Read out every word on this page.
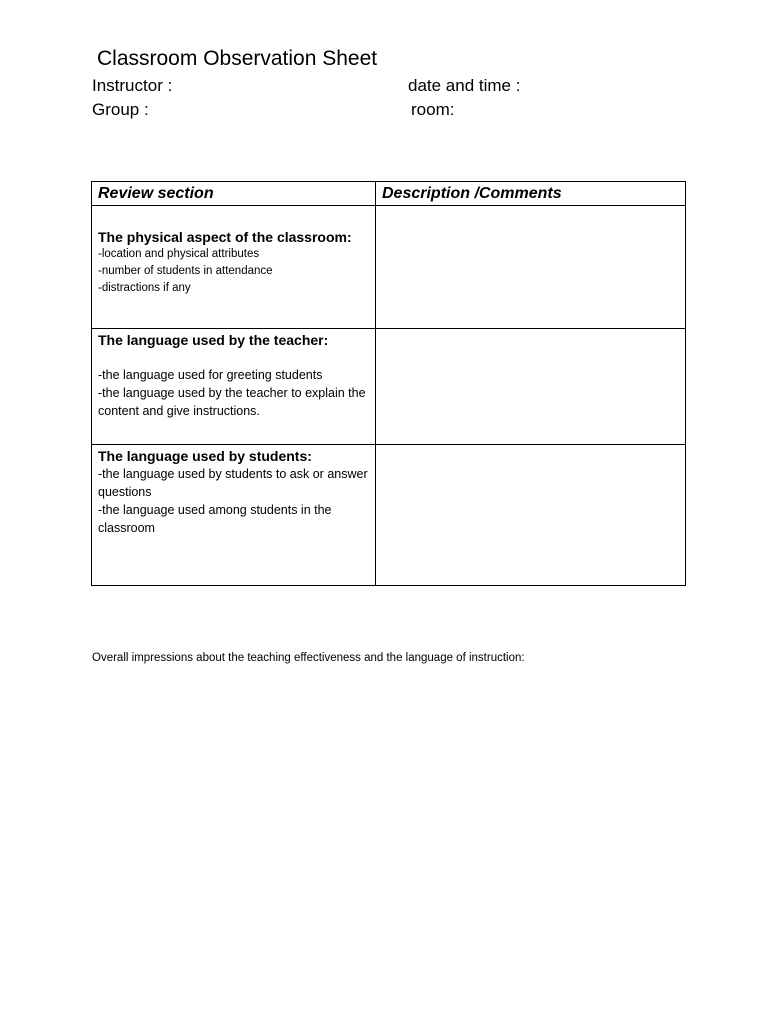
Classroom Observation Sheet
Instructor :	date and time :
Group :	room:
Review section	Description /Comments

The physical aspect of the classroom:
-location and physical attributes
-number of students in attendance
-distractions if any	

The language used by the teacher:
-the language used for greeting students
-the language used by the teacher to explain the content and give instructions.	

The language used by students:
-the language used by students to ask or answer questions
-the language used among students in the classroom	

Overall impressions about the teaching effectiveness and the language of instruction:
